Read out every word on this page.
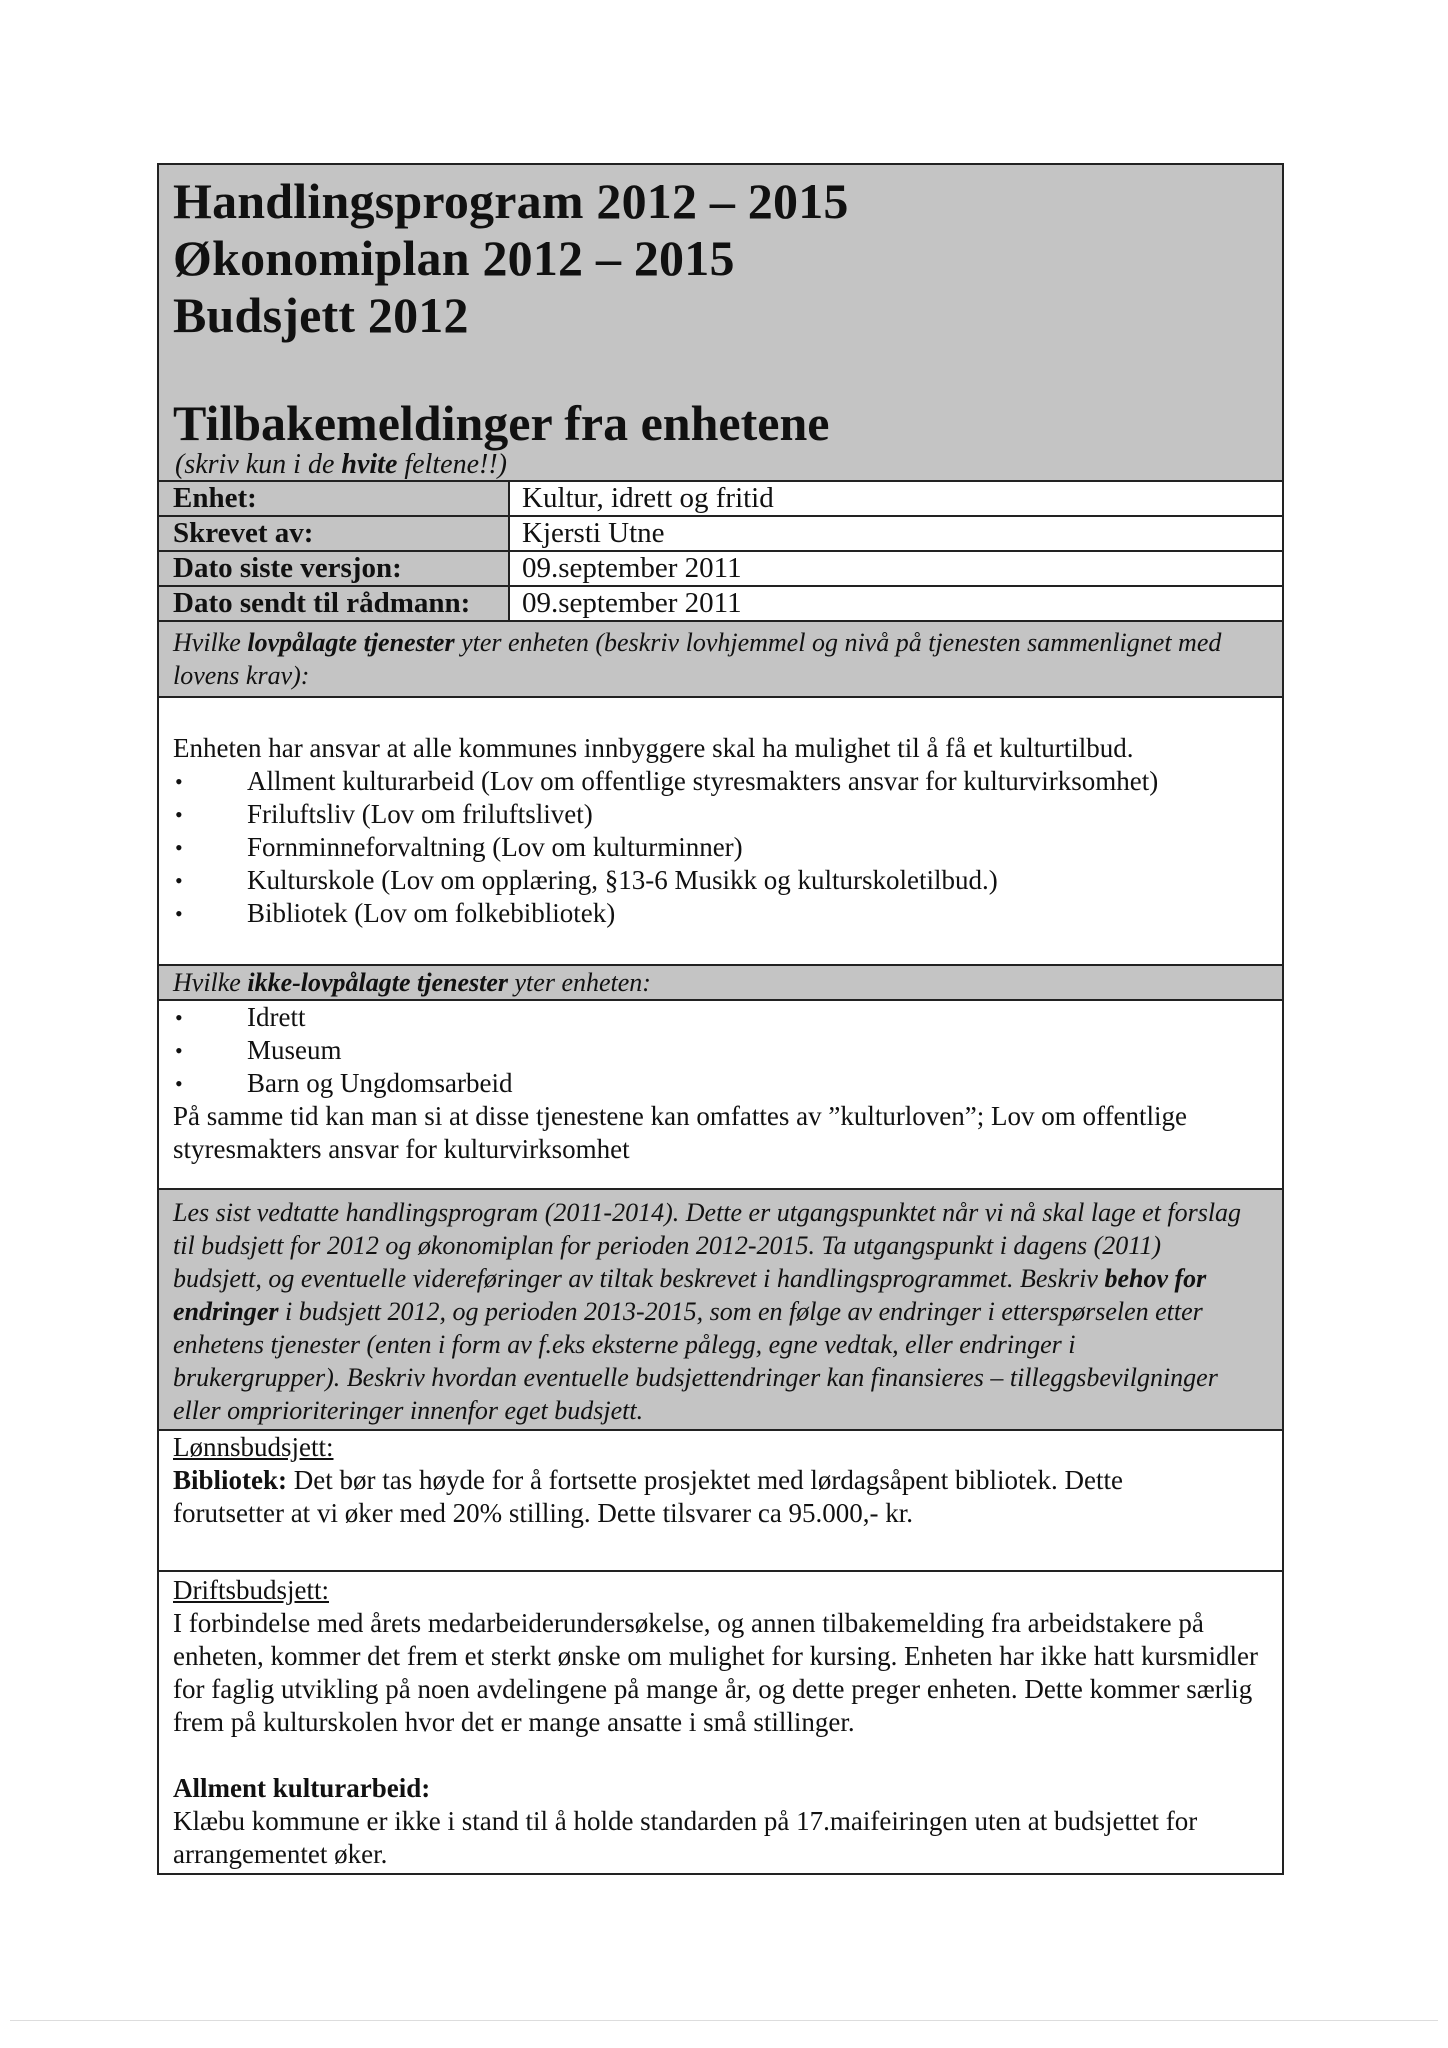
Handlingsprogram 2012 – 2015
Økonomiplan 2012 – 2015
Budsjett 2012
Tilbakemeldinger fra enhetene
(skriv kun i de hvite feltene!!)
Enhet:	Kultur, idrett og fritid
Skrevet av:	Kjersti Utne
Dato siste versjon:	09.september 2011
Dato sendt til rådmann:	09.september 2011
Hvilke lovpålagte tjenester yter enheten (beskriv lovhjemmel og nivå på tjenesten sammenlignet med lovens krav):

Enheten har ansvar at alle kommunes innbyggere skal ha mulighet til å få et kulturtilbud.

• Allment kulturarbeid (Lov om offentlige styresmakters ansvar for kulturvirksomhet)
• Friluftsliv (Lov om friluftslivet)
• Fornminneforvaltning (Lov om kulturminner)
• Kulturskole (Lov om opplæring, §13-6 Musikk og kulturskoletilbud.)
• Bibliotek (Lov om folkebibliotek)
Hvilke ikke-lovpålagte tjenester yter enheten:
• Idrett
• Museum
• Barn og Ungdomsarbeid

På samme tid kan man si at disse tjenestene kan omfattes av ”kulturloven”; Lov om offentlige styresmakters ansvar for kulturvirksomhet

Les sist vedtatte handlingsprogram (2011-2014). Dette er utgangspunktet når vi nå skal lage et forslag til budsjett for 2012 og økonomiplan for perioden 2012-2015. Ta utgangspunkt i dagens (2011) budsjett, og eventuelle videreføringer av tiltak beskrevet i handlingsprogrammet. Beskriv behov for endringer i budsjett 2012, og perioden 2013-2015, som en følge av endringer i etterspørselen etter enhetens tjenester (enten i form av f.eks eksterne pålegg, egne vedtak, eller endringer i brukergrupper). Beskriv hvordan eventuelle budsjettendringer kan finansieres – tilleggsbevilgninger eller omprioriteringer innenfor eget budsjett.

Lønnsbudsjett:

Bibliotek: Det bør tas høyde for å fortsette prosjektet med lørdagsåpent bibliotek. Dette forutsetter at vi øker med 20% stilling. Dette tilsvarer ca 95.000,- kr.

Driftsbudsjett:

I forbindelse med årets medarbeiderundersøkelse, og annen tilbakemelding fra arbeidstakere på enheten, kommer det frem et sterkt ønske om mulighet for kursing. Enheten har ikke hatt kursmidler for faglig utvikling på noen avdelingene på mange år, og dette preger enheten. Dette kommer særlig frem på kulturskolen hvor det er mange ansatte i små stillinger.

Allment kulturarbeid:

Klæbu kommune er ikke i stand til å holde standarden på 17.maifeiringen uten at budsjettet for arrangementet øker.
